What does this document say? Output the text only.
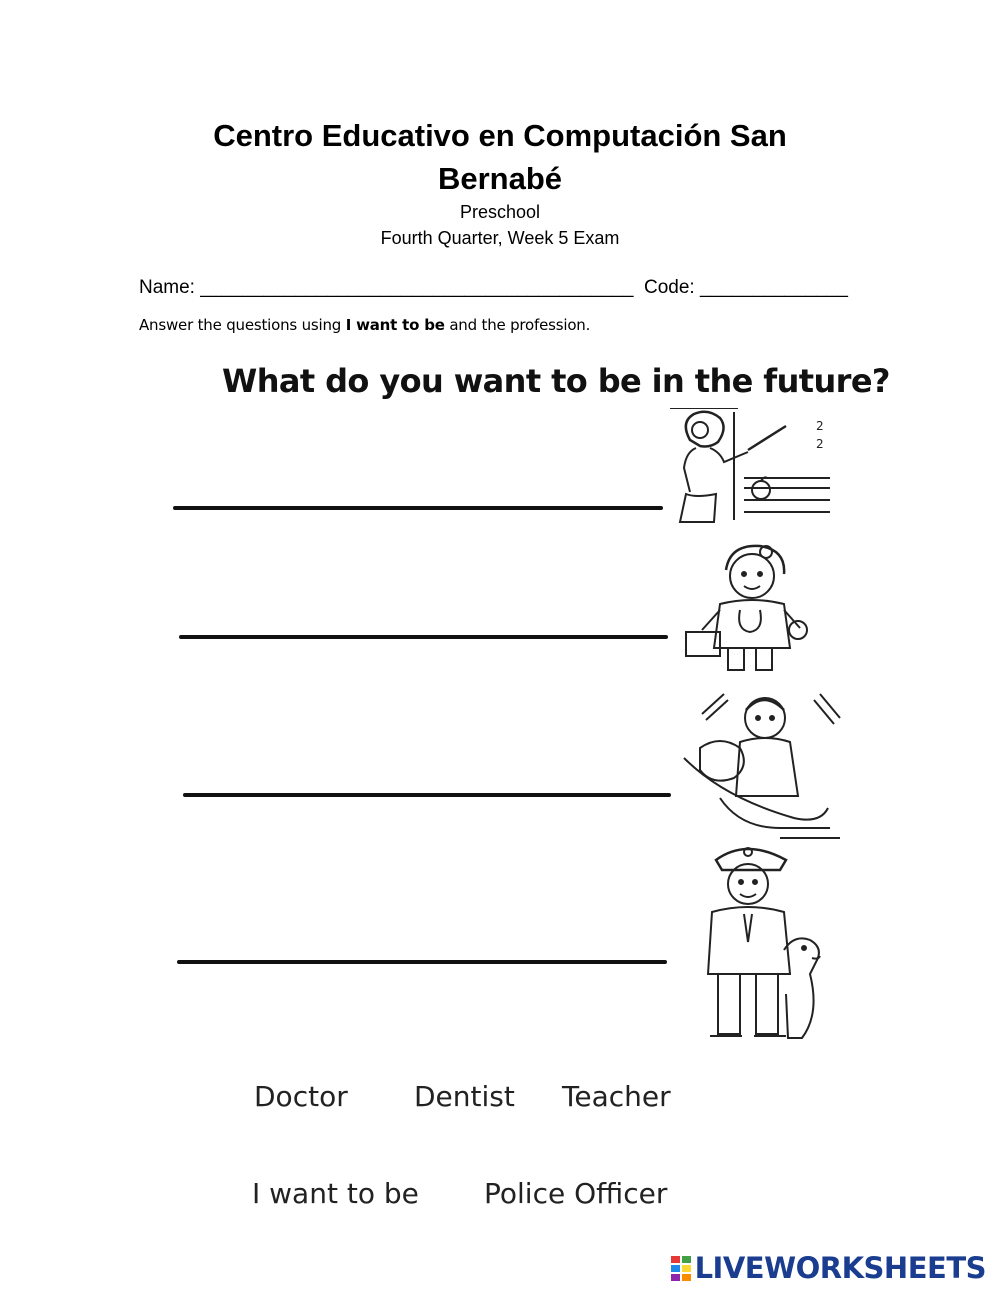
Centro Educativo en Computación San Bernabé
Preschool
Fourth Quarter, Week 5 Exam
Name: _________________________________________ Code: ______________
Answer the questions using I want to be and the profession.
What do you want to be in the future?
2
2
Doctor Dentist Teacher
I want to be Police Officer
LIVEWORKSHEETS
